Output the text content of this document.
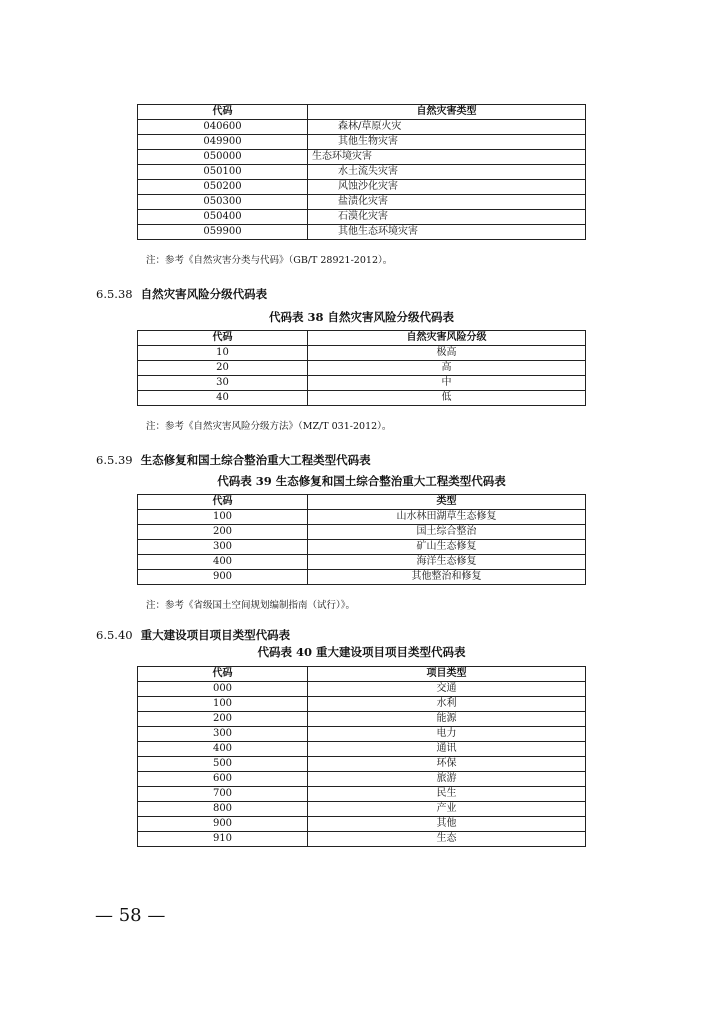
代码	自然灾害类型
040600	森林/草原火灾
049900	其他生物灾害
050000	生态环境灾害
050100	水土流失灾害
050200	风蚀沙化灾害
050300	盐渍化灾害
050400	石漠化灾害
059900	其他生态环境灾害
注：参考《自然灾害分类与代码》（GB/T 28921-2012）。
6.5.38 自然灾害风险分级代码表
代码表 38 自然灾害风险分级代码表
代码	自然灾害风险分级
10	极高
20	高
30	中
40	低
注：参考《自然灾害风险分级方法》（MZ/T 031-2012）。
6.5.39 生态修复和国土综合整治重大工程类型代码表
代码表 39 生态修复和国土综合整治重大工程类型代码表
代码	类型
100	山水林田湖草生态修复
200	国土综合整治
300	矿山生态修复
400	海洋生态修复
900	其他整治和修复
注：参考《省级国土空间规划编制指南（试行）》。
6.5.40 重大建设项目项目类型代码表
代码表 40 重大建设项目项目类型代码表
代码	项目类型
000	交通
100	水利
200	能源
300	电力
400	通讯
500	环保
600	旅游
700	民生
800	产业
900	其他
910	生态
— 58 —
